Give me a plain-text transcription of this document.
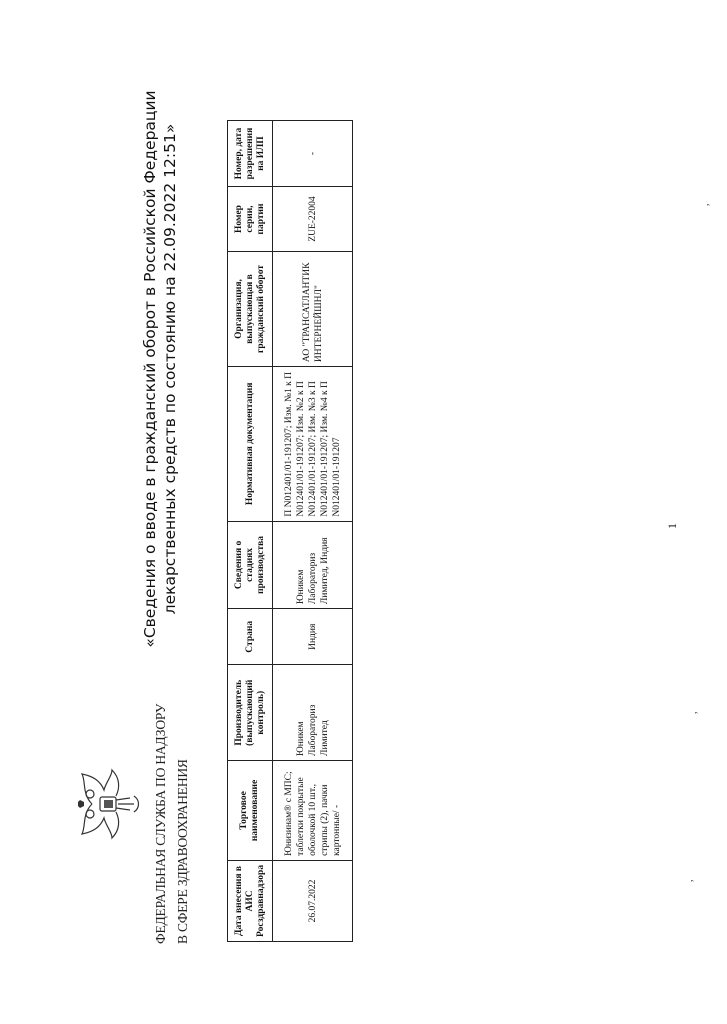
ФЕДЕРАЛЬНАЯ СЛУЖБА ПО НАДЗОРУ В СФЕРЕ ЗДРАВООХРАНЕНИЯ
«Сведения о вводе в гражданский оборот в Российской Федерации лекарственных средств по состоянию на 22.09.2022 12:51»
Дата внесения в АИС Росздравнадзора	Торговое наименование	Производитель (выпускающий контроль)	Страна	Сведения о стадиях производства	Нормативная документация	Организация, выпускающая в гражданский оборот	Номер серии, партии	Номер, дата разрешения на ИЛП
26.07.2022	Юнизинам® с МПС; таблетки покрытые оболочкой 10 шт., стрипы (2), пачки картонные/ -	Юникем Лабораториз Лимитед	Индия	Юникем Лабораториз Лимитед, Индия	П N012401/01-191207; Изм. №1 к П N012401/01-191207; Изм. №2 к П N012401/01-191207; Изм. №3 к П N012401/01-191207; Изм. №4 к П N012401/01-191207	АО "ТРАНСАТЛАНТИК ИНТЕРНЕЙШНЛ"	ZUE-22004	-
1
,
,
,
